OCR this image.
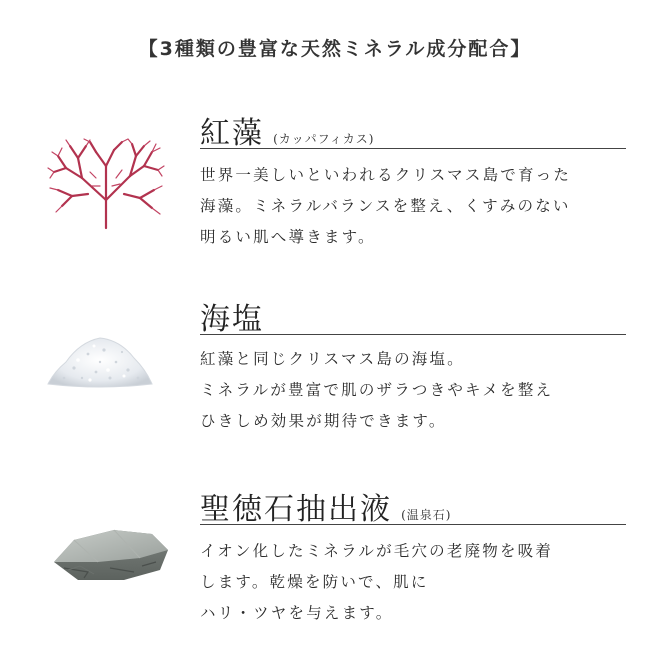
【3種類の豊富な天然ミネラル成分配合】
紅藻 (カッパフィカス)
世界一美しいといわれるクリスマス島で育った
海藻。ミネラルバランスを整え、くすみのない
明るい肌へ導きます。
海塩
紅藻と同じクリスマス島の海塩。
ミネラルが豊富で肌のザラつきやキメを整え
ひきしめ効果が期待できます。
聖徳石抽出液 (温泉石)
イオン化したミネラルが毛穴の老廃物を吸着
します。乾燥を防いで、肌に
ハリ・ツヤを与えます。
